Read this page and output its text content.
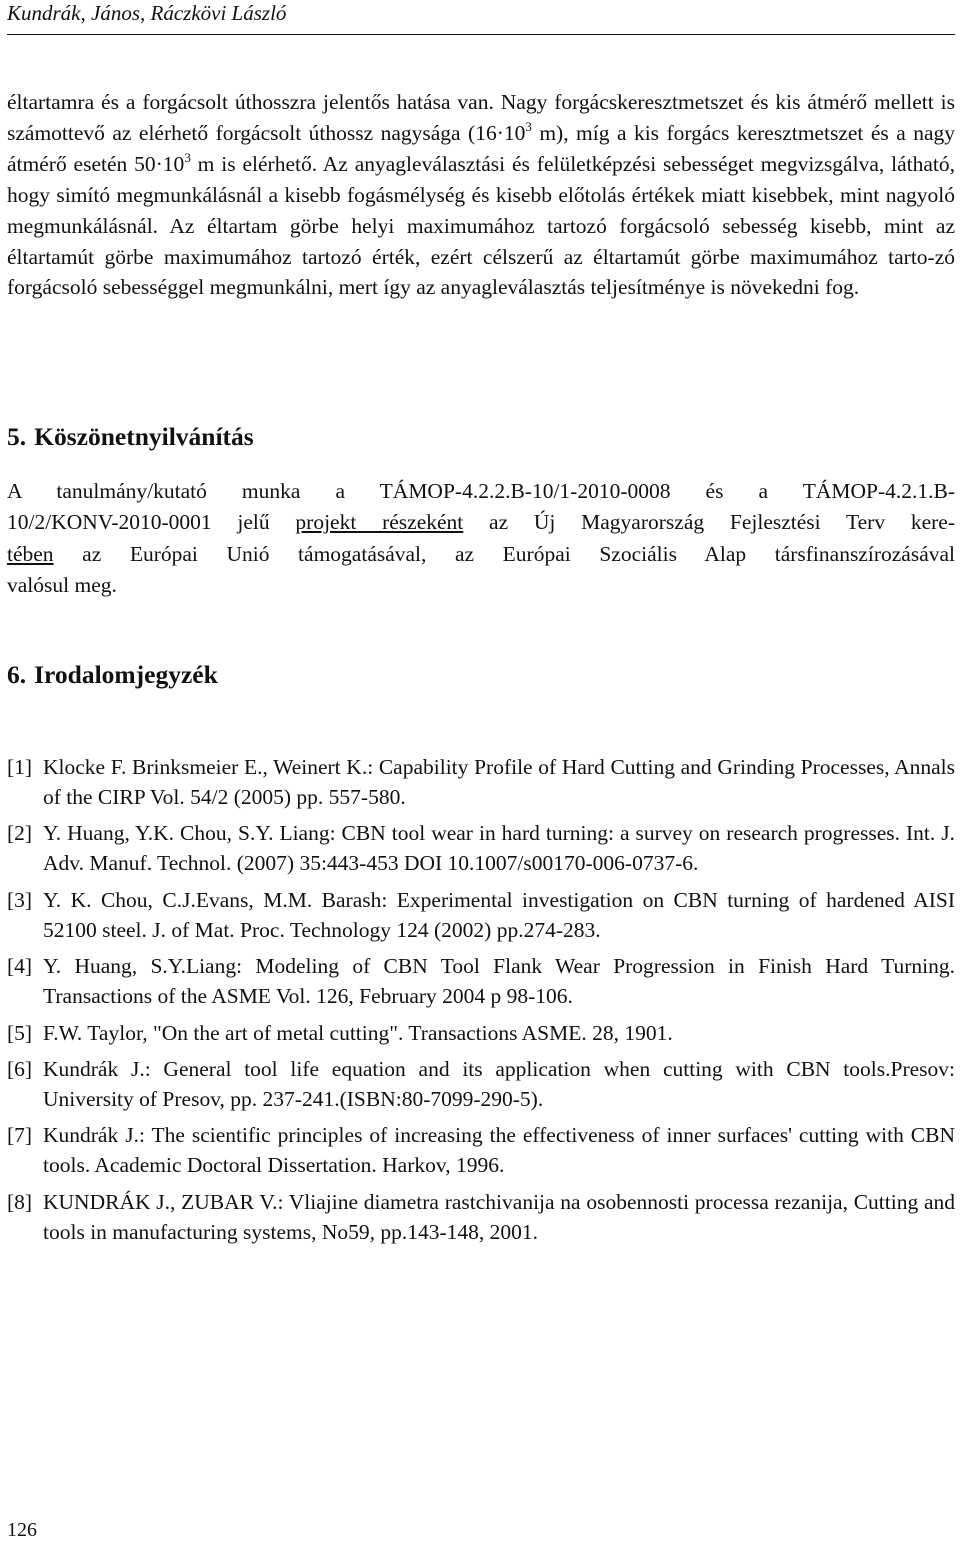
Kundrák, János, Ráczkövi László

éltartamra és a forgácsolt úthosszra jelentős hatása van. Nagy forgácskeresztmetszet és kis átmérő mellett is számottevő az elérhető forgácsolt úthossz nagysága ($16\cdot 10^3$ m), míg a kis forgács keresztmetszet és a nagy átmérő esetén $50\cdot 10^3$ m is elérhető. Az anyagleválasztási és felületképzési sebességet megvizsgálva, látható, hogy simító megmunkálásnál a kisebb fogásmélység és kisebb előtolás értékek miatt kisebbek, mint nagyoló megmunkálásnál. Az éltartam görbe helyi maximumához tartozó forgácsoló sebesség kisebb, mint az éltartamút görbe maximumához tartozó érték, ezért célszerű az éltartamút görbe maximumához tarto-zó forgácsoló sebességgel megmunkálni, mert így az anyagleválasztás teljesítménye is növekedni fog.

5. Köszönetnyilvánítás

A tanulmány/kutató munka a TÁMOP-4.2.2.B-10/1-2010-0008 és a TÁMOP-4.2.1.B-
10/2/KONV-2010-0001 jelű projekt részeként az Új Magyarország Fejlesztési Terv kere-
tében az Európai Unió támogatásával, az Európai Szociális Alap társfinanszírozásával
valósul meg.

6. Irodalomjegyzék
[1] Klocke F. Brinksmeier E., Weinert K.: Capability Profile of Hard Cutting and Grinding Processes, Annals of the CIRP Vol. 54/2 (2005) pp. 557-580.
[2] Y. Huang, Y.K. Chou, S.Y. Liang: CBN tool wear in hard turning: a survey on research progresses. Int. J. Adv. Manuf. Technol. (2007) 35:443-453 DOI 10.1007/s00170-006-0737-6.
[3] Y. K. Chou, C.J.Evans, M.M. Barash: Experimental investigation on CBN turning of hardened AISI 52100 steel. J. of Mat. Proc. Technology 124 (2002) pp.274-283.
[4] Y. Huang, S.Y.Liang: Modeling of CBN Tool Flank Wear Progression in Finish Hard Turning. Transactions of the ASME Vol. 126, February 2004 p 98-106.
[5] F.W. Taylor, "On the art of metal cutting". Transactions ASME. 28, 1901.
[6] Kundrák J.: General tool life equation and its application when cutting with CBN tools.Presov: University of Presov, pp. 237-241.(ISBN:80-7099-290-5).
[7] Kundrák J.: The scientific principles of increasing the effectiveness of inner surfaces' cutting with CBN tools. Academic Doctoral Dissertation. Harkov, 1996.
[8] KUNDRÁK J., ZUBAR V.: Vliajine diametra rastchivanija na osobennosti processa rezanija, Cutting and tools in manufacturing systems, No59, pp.143-148, 2001.
126
